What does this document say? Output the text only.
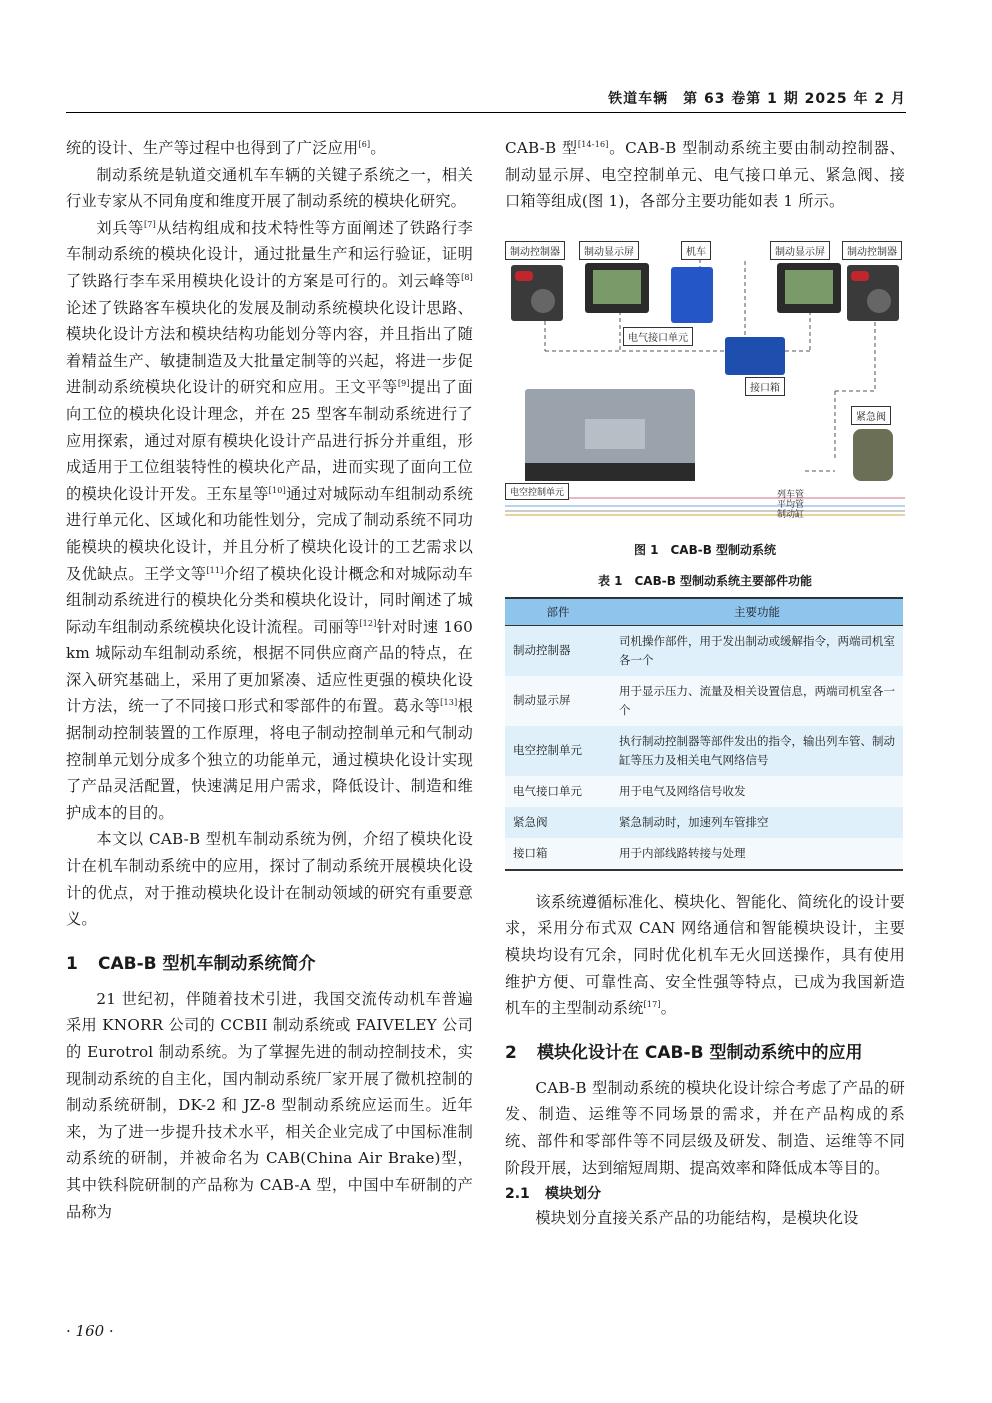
铁道车辆　第 63 卷第 1 期 2025 年 2 月

统的设计、生产等过程中也得到了广泛应用[6]。

制动系统是轨道交通机车车辆的关键子系统之一，相关行业专家从不同角度和维度开展了制动系统的模块化研究。

刘兵等[7]从结构组成和技术特性等方面阐述了铁路行李车制动系统的模块化设计，通过批量生产和运行验证，证明了铁路行李车采用模块化设计的方案是可行的。刘云峰等[8]论述了铁路客车模块化的发展及制动系统模块化设计思路、模块化设计方法和模块结构功能划分等内容，并且指出了随着精益生产、敏捷制造及大批量定制等的兴起，将进一步促进制动系统模块化设计的研究和应用。王文平等[9]提出了面向工位的模块化设计理念，并在 25 型客车制动系统进行了应用探索，通过对原有模块化设计产品进行拆分并重组，形成适用于工位组装特性的模块化产品，进而实现了面向工位的模块化设计开发。王东星等[10]通过对城际动车组制动系统进行单元化、区域化和功能性划分，完成了制动系统不同功能模块的模块化设计，并且分析了模块化设计的工艺需求以及优缺点。王学文等[11]介绍了模块化设计概念和对城际动车组制动系统进行的模块化分类和模块化设计，同时阐述了城际动车组制动系统模块化设计流程。司丽等[12]针对时速 160 km 城际动车组制动系统，根据不同供应商产品的特点，在深入研究基础上，采用了更加紧凑、适应性更强的模块化设计方法，统一了不同接口形式和零部件的布置。葛永等[13]根据制动控制装置的工作原理，将电子制动控制单元和气制动控制单元划分成多个独立的功能单元，通过模块化设计实现了产品灵活配置，快速满足用户需求，降低设计、制造和维护成本的目的。

本文以 CAB-B 型机车制动系统为例，介绍了模块化设计在机车制动系统中的应用，探讨了制动系统开展模块化设计的优点，对于推动模块化设计在制动领域的研究有重要意义。

1 CAB-B 型机车制动系统简介

21 世纪初，伴随着技术引进，我国交流传动机车普遍采用 KNORR 公司的 CCBII 制动系统或 FAIVELEY 公司的 Eurotrol 制动系统。为了掌握先进的制动控制技术，实现制动系统的自主化，国内制动系统厂家开展了微机控制的制动系统研制，DK-2 和 JZ-8 型制动系统应运而生。近年来，为了进一步提升技术水平，相关企业完成了中国标准制动系统的研制，并被命名为 CAB(China Air Brake)型，其中铁科院研制的产品称为 CAB-A 型，中国中车研制的产品称为

CAB-B 型[14-16]。CAB-B 型制动系统主要由制动控制器、制动显示屏、电空控制单元、电气接口单元、紧急阀、接口箱等组成(图 1)，各部分主要功能如表 1 所示。

制动控制器	制动显示屏	机车	制动显示屏	制动控制器
电气接口单元
接口箱
紧急阀
电空控制单元	列车管
平均管
制动缸
图 1　CAB-B 型制动系统
表 1　CAB-B 型制动系统主要部件功能
部件	主要功能
制动控制器	司机操作部件，用于发出制动或缓解指令，两端司机室各一个
制动显示屏	用于显示压力、流量及相关设置信息，两端司机室各一个
电空控制单元	执行制动控制器等部件发出的指令，输出列车管、制动缸等压力及相关电气网络信号
电气接口单元	用于电气及网络信号收发
紧急阀	紧急制动时，加速列车管排空
接口箱	用于内部线路转接与处理

该系统遵循标准化、模块化、智能化、简统化的设计要求，采用分布式双 CAN 网络通信和智能模块设计，主要模块均设有冗余，同时优化机车无火回送操作，具有使用维护方便、可靠性高、安全性强等特点，已成为我国新造机车的主型制动系统[17]。

2 模块化设计在 CAB-B 型制动系统中的应用

CAB-B 型制动系统的模块化设计综合考虑了产品的研发、制造、运维等不同场景的需求，并在产品构成的系统、部件和零部件等不同层级及研发、制造、运维等不同阶段开展，达到缩短周期、提高效率和降低成本等目的。

2.1 模块划分

模块划分直接关系产品的功能结构，是模块化设

· 160 ·
